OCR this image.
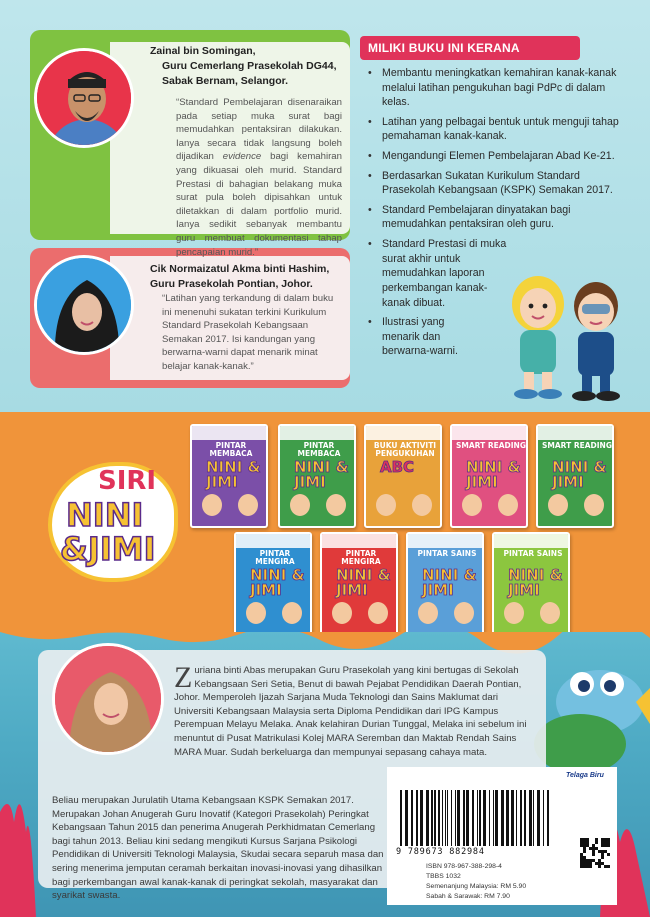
Zainal bin Somingan,
Guru Cemerlang Prasekolah DG44,
Sabak Bernam, Selangor.
“Standard Pembelajaran disenaraikan pada setiap muka surat bagi memudahkan pentaksiran dilakukan. Ianya secara tidak langsung boleh dijadikan evidence bagi kemahiran yang dikuasai oleh murid. Standard Prestasi di bahagian belakang muka surat pula boleh dipisahkan untuk diletakkan di dalam portfolio murid. Ianya sedikit sebanyak membantu guru membuat dokumentasi tahap pencapaian murid.”
Cik Normaizatul Akma binti Hashim,
Guru Prasekolah Pontian, Johor.
“Latihan yang terkandung di dalam buku ini menenuhi sukatan terkini Kurikulum Standard Prasekolah Kebangsaan Semakan 2017. Isi kandungan yang berwarna-warni dapat menarik minat belajar kanak-kanak.”
MILIKI BUKU INI KERANA
• Membantu meningkatkan kemahiran kanak-kanak melalui latihan pengukuhan bagi PdPc di dalam kelas.
• Latihan yang pelbagai bentuk untuk menguji tahap pemahaman kanak-kanak.
• Mengandungi Elemen Pembelajaran Abad Ke-21.
• Berdasarkan Sukatan Kurikulum Standard Prasekolah Kebangsaan (KSPK) Semakan 2017.
• Standard Pembelajaran dinyatakan bagi memudahkan pentaksiran oleh guru.
• Standard Prestasi di muka surat akhir untuk memudahkan laporan perkembangan kanak-kanak dibuat.
• Ilustrasi yang menarik dan berwarna-warni.
SIRI
NINI
&JIMI
PINTAR MEMBACA
NINI & JIMI
PINTAR MEMBACA
NINI & JIMI
BUKU AKTIVITI PENGUKUHAN
ABC
SMART READING
NINI & JIMI
SMART READING
NINI & JIMI
PINTAR MENGIRA
NINI & JIMI
PINTAR MENGIRA
NINI & JIMI
PINTAR SAINS
NINI & JIMI
PINTAR SAINS
NINI & JIMI
Zuriana binti Abas merupakan Guru Prasekolah yang kini bertugas di Sekolah Kebangsaan Seri Setia, Benut di bawah Pejabat Pendidikan Daerah Pontian, Johor. Memperoleh Ijazah Sarjana Muda Teknologi dan Sains Maklumat dari Universiti Kebangsaan Malaysia serta Diploma Pendidikan dari IPG Kampus Perempuan Melayu Melaka. Anak kelahiran Durian Tunggal, Melaka ini sebelum ini menuntut di Pusat Matrikulasi Kolej MARA Seremban dan Maktab Rendah Sains MARA Muar. Sudah berkeluarga dan mempunyai sepasang cahaya mata.
Beliau merupakan Jurulatih Utama Kebangsaan KSPK Semakan 2017. Merupakan Johan Anugerah Guru Inovatif (Kategori Prasekolah) Peringkat Kebangsaan Tahun 2015 dan penerima Anugerah Perkhidmatan Cemerlang bagi tahun 2013. Beliau kini sedang mengikuti Kursus Sarjana Psikologi Pendidikan di Universiti Teknologi Malaysia, Skudai secara separuh masa dan sering menerima jemputan ceramah berkaitan inovasi-inovasi yang dihasilkan bagi perkembangan awal kanak-kanak di peringkat sekolah, masyarakat dan syarikat swasta.
Telaga Biru
9 789673 882984
ISBN 978-967-388-298-4
TBBS 1032
Semenanjung Malaysia: RM 5.90
Sabah & Sarawak: RM 7.90
